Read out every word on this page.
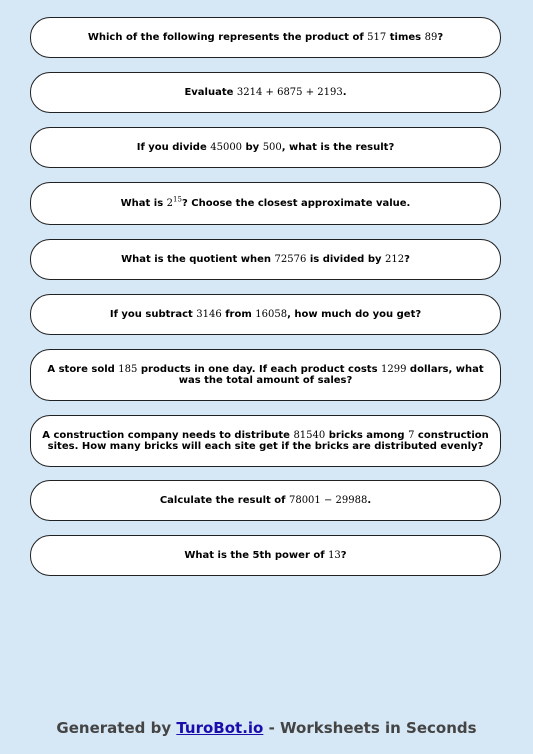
Which of the following represents the product of 517 times 89?
Evaluate 3214 + 6875 + 2193.
If you divide 45000 by 500, what is the result?
What is $2^{15}$? Choose the closest approximate value.
What is the quotient when 72576 is divided by 212?
If you subtract 3146 from 16058, how much do you get?
A store sold 185 products in one day. If each product costs 1299 dollars, what was the total amount of sales?
A construction company needs to distribute 81540 bricks among 7 construction sites. How many bricks will each site get if the bricks are distributed evenly?
Calculate the result of 78001 − 29988.
What is the 5th power of 13?
Generated by TuroBot.io - Worksheets in Seconds
